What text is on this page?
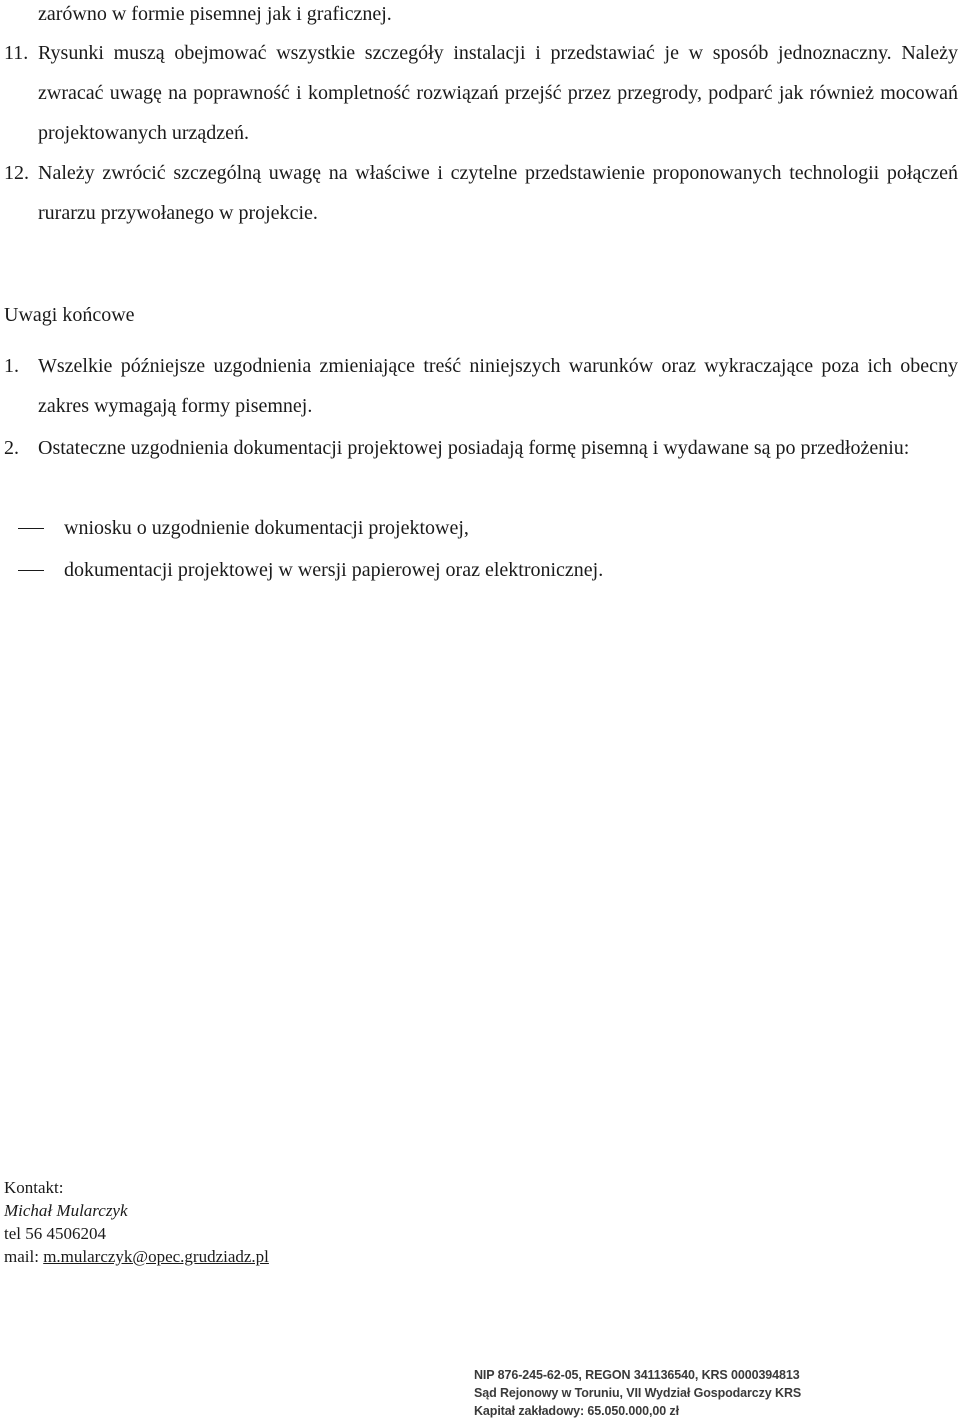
zarówno w formie pisemnej jak i graficznej.
11. Rysunki muszą obejmować wszystkie szczegóły instalacji i przedstawiać je w sposób jednoznaczny. Należy zwracać uwagę na poprawność i kompletność rozwiązań przejść przez przegrody, podparć jak również mocowań projektowanych urządzeń.
12. Należy zwrócić szczególną uwagę na właściwe i czytelne przedstawienie proponowanych technologii połączeń rurarzu przywołanego w projekcie.
Uwagi końcowe
1. Wszelkie późniejsze uzgodnienia zmieniające treść niniejszych warunków oraz wykraczające poza ich obecny zakres wymagają formy pisemnej.
2. Ostateczne uzgodnienia dokumentacji projektowej posiadają formę pisemną i wydawane są po przedłożeniu:
wniosku o uzgodnienie dokumentacji projektowej,
dokumentacji projektowej w wersji papierowej oraz elektronicznej.
Kontakt:
Michał Mularczyk
tel 56 4506204
mail: m.mularczyk@opec.grudziadz.pl
NIP 876-245-62-05, REGON 341136540, KRS 0000394813
Sąd Rejonowy w Toruniu, VII Wydział Gospodarczy KRS
Kapitał zakładowy: 65.050.000,00 zł
